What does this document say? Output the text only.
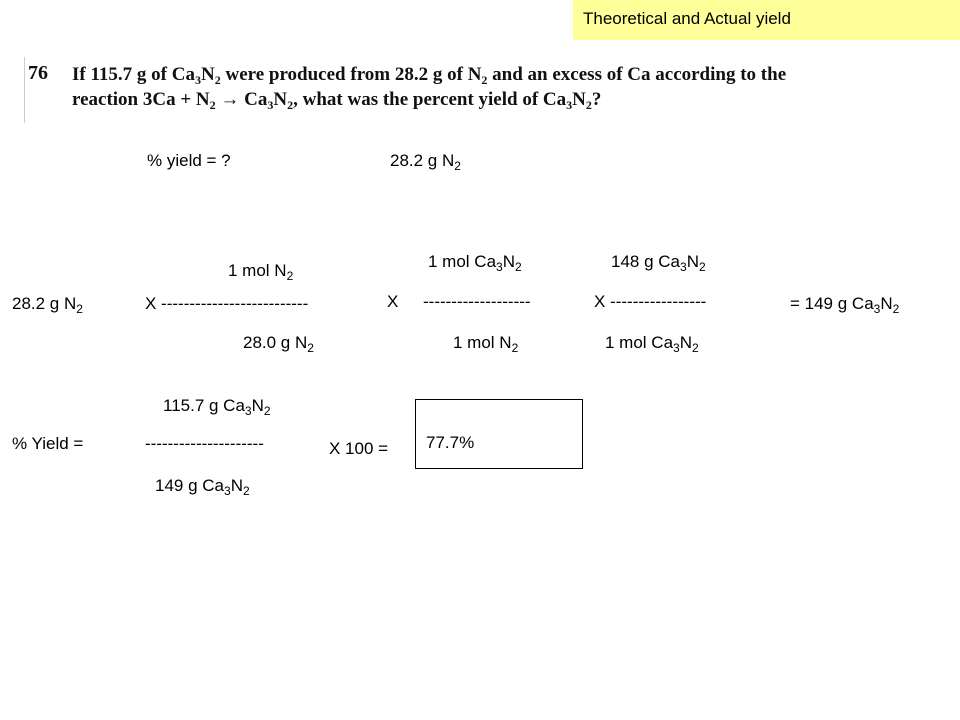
Theoretical and Actual yield
76 If 115.7 g of $Ca_3N_2$ were produced from 28.2 g of $N_2$ and an excess of Ca according to the
reaction $3Ca + N_2 \to Ca_3N_2$, what was the percent yield of $Ca_3N_2$?
% yield = ?	28.2 g $N_2$
28.2 g $N_2$	X --------------------------
1 mol $N_2$
28.0 g $N_2$
X -------------------
1 mol $Ca_3N_2$
1 mol $N_2$
X -----------------
148 g $Ca_3N_2$
1 mol $Ca_3N_2$
= 149 g $Ca_3N_2$
115.7 g $Ca_3N_2$
% Yield =	---------------------
149 g $Ca_3N_2$
X 100 = 77.7%
